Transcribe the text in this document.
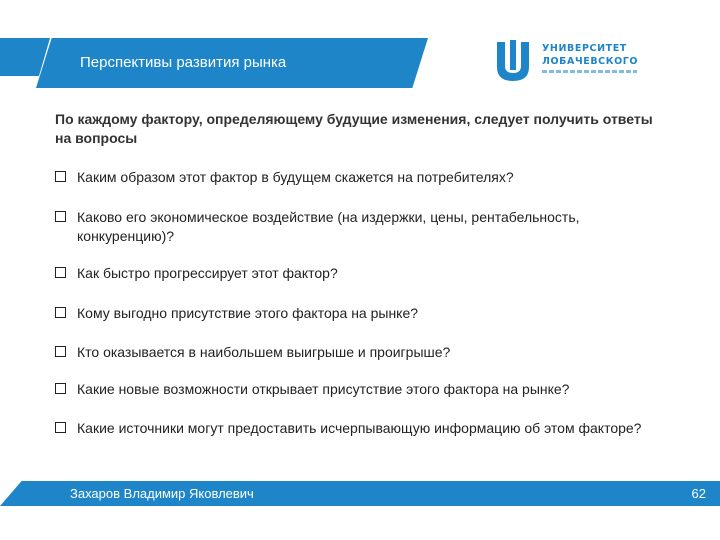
Перспективы развития рынка
УНИВЕРСИТЕТ
ЛОБАЧЕВСКОГО
По каждому фактору, определяющему будущие изменения, следует получить ответы на вопросы
Каким образом этот фактор в будущем скажется на потребителях?
Каково его экономическое воздействие (на издержки, цены, рентабельность, конкуренцию)?
Как быстро прогрессирует этот фактор?
Кому выгодно присутствие этого фактора на рынке?
Кто оказывается в наибольшем выигрыше и проигрыше?
Какие новые возможности открывает присутствие этого фактора на рынке?
Какие источники могут предоставить исчерпывающую информацию об этом факторе?
Захаров Владимир Яковлевич	62
